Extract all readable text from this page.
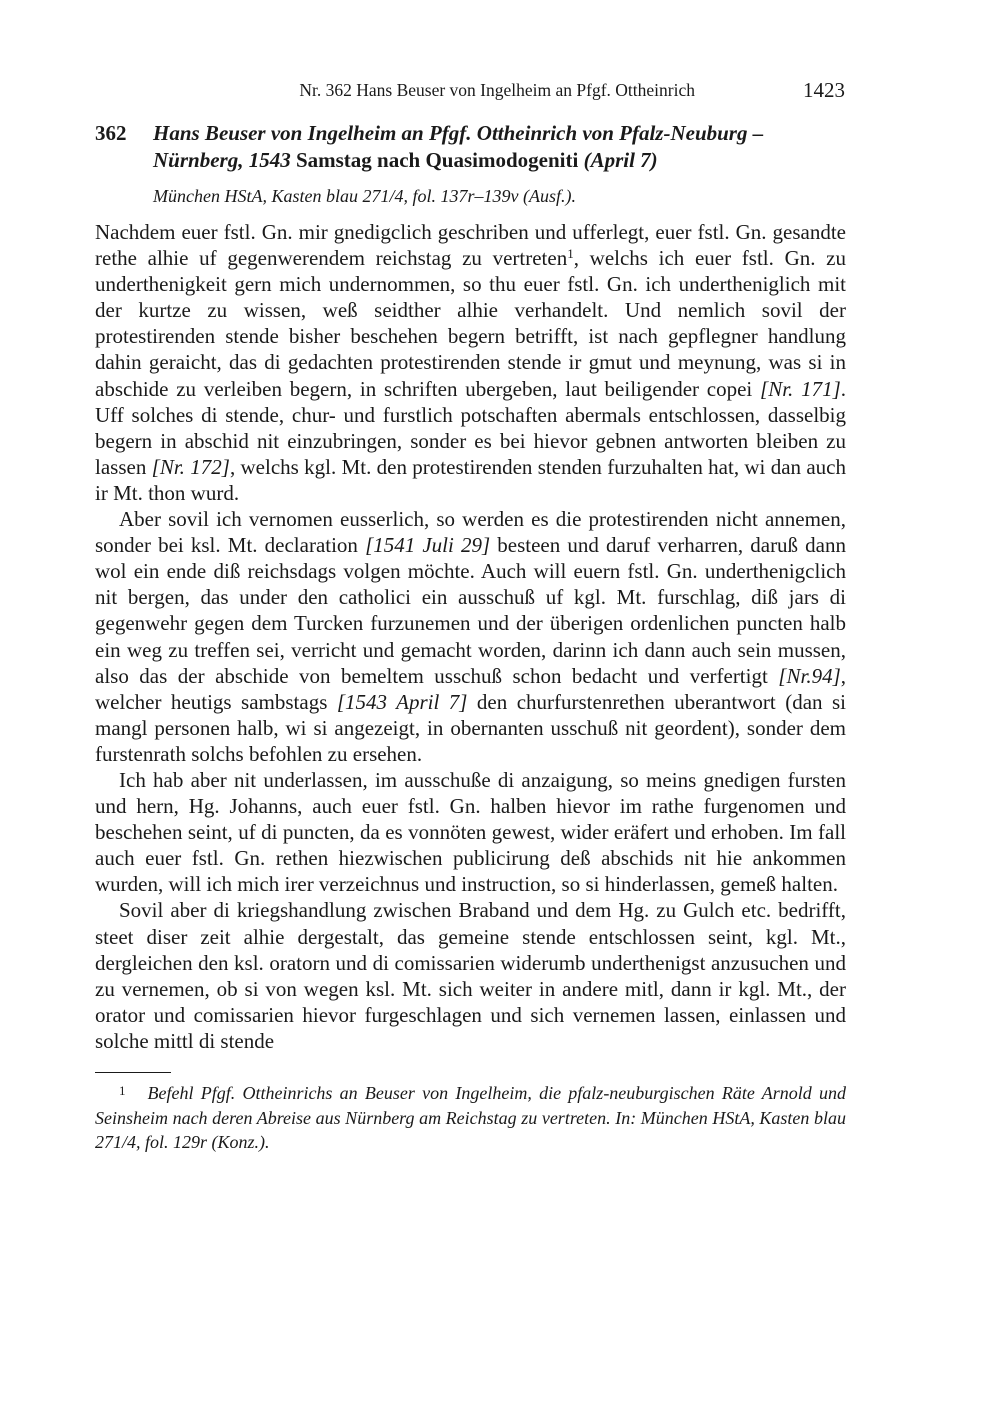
Nr. 362 Hans Beuser von Ingelheim an Pfgf. Ottheinrich	1423
362	Hans Beuser von Ingelheim an Pfgf. Ottheinrich von Pfalz-Neuburg – Nürnberg, 1543 Samstag nach Quasimodogeniti (April 7)
München HStA, Kasten blau 271/4, fol. 137r–139v (Ausf.).

Nachdem euer fstl. Gn. mir gnedigclich geschriben und ufferlegt, euer fstl. Gn. gesandte rethe alhie uf gegenwerendem reichstag zu vertreten$^1$, welchs ich euer fstl. Gn. zu underthenigkeit gern mich undernommen, so thu euer fstl. Gn. ich undertheniglich mit der kurtze zu wissen, weß seidther alhie verhandelt. Und nemlich sovil der protestirenden stende bisher beschehen begern betrifft, ist nach gepflegner handlung dahin geraicht, das di gedachten protestirenden stende ir gmut und meynung, was si in abschide zu verleiben begern, in schriften ubergeben, laut beiligender copei [Nr. 171]. Uff solches di stende, chur- und furstlich potschaften abermals entschlossen, dasselbig begern in abschid nit einzubringen, sonder es bei hievor gebnen antworten bleiben zu lassen [Nr. 172], welchs kgl. Mt. den protestirenden stenden furzuhalten hat, wi dan auch ir Mt. thon wurd.

Aber sovil ich vernomen eusserlich, so werden es die protestirenden nicht annemen, sonder bei ksl. Mt. declaration [1541 Juli 29] besteen und daruf verharren, daruß dann wol ein ende diß reichsdags volgen möchte. Auch will euern fstl. Gn. underthenigclich nit bergen, das under den catholici ein ausschuß uf kgl. Mt. furschlag, diß jars di gegenwehr gegen dem Turcken furzunemen und der überigen ordenlichen puncten halb ein weg zu treffen sei, verricht und gemacht worden, darinn ich dann auch sein mussen, also das der abschide von bemeltem usschuß schon bedacht und verfertigt [Nr.94], welcher heutigs sambstags [1543 April 7] den churfurstenrethen uberantwort (dan si mangl personen halb, wi si angezeigt, in obernanten usschuß nit geordent), sonder dem furstenrath solchs befohlen zu ersehen.

Ich hab aber nit underlassen, im ausschuße di anzaigung, so meins gnedigen fursten und hern, Hg. Johanns, auch euer fstl. Gn. halben hievor im rathe furgenomen und beschehen seint, uf di puncten, da es vonnöten gewest, wider eräfert und erhoben. Im fall auch euer fstl. Gn. rethen hiezwischen publicirung deß abschids nit hie ankommen wurden, will ich mich irer verzeichnus und instruction, so si hinderlassen, gemeß halten.

Sovil aber di kriegshandlung zwischen Braband und dem Hg. zu Gulch etc. bedrifft, steet diser zeit alhie dergestalt, das gemeine stende entschlossen seint, kgl. Mt., dergleichen den ksl. oratorn und di comissarien widerumb underthenigst anzusuchen und zu vernemen, ob si von wegen ksl. Mt. sich weiter in andere mitl, dann ir kgl. Mt., der orator und comissarien hievor furgeschlagen und sich vernemen lassen, einlassen und solche mittl di stende

$^1$ Befehl Pfgf. Ottheinrichs an Beuser von Ingelheim, die pfalz-neuburgischen Räte Arnold und Seinsheim nach deren Abreise aus Nürnberg am Reichstag zu vertreten. In: München HStA, Kasten blau 271/4, fol. 129r (Konz.).
